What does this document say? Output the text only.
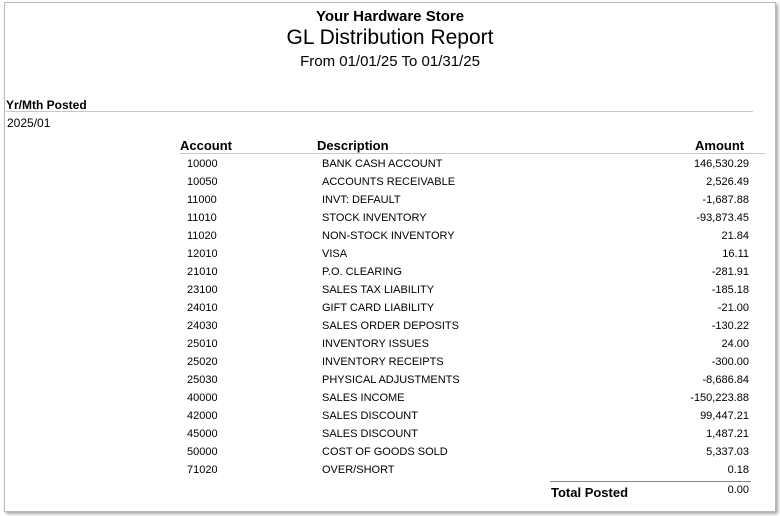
Your Hardware Store
GL Distribution Report
From 01/01/25 To 01/31/25
Yr/Mth Posted
2025/01
Account	Description	Amount
10000	BANK CASH ACCOUNT	146,530.29
10050	ACCOUNTS RECEIVABLE	2,526.49
11000	INVT: DEFAULT	-1,687.88
11010	STOCK INVENTORY	-93,873.45
11020	NON-STOCK INVENTORY	21.84
12010	VISA	16.11
21010	P.O. CLEARING	-281.91
23100	SALES TAX LIABILITY	-185.18
24010	GIFT CARD LIABILITY	-21.00
24030	SALES ORDER DEPOSITS	-130.22
25010	INVENTORY ISSUES	24.00
25020	INVENTORY RECEIPTS	-300.00
25030	PHYSICAL ADJUSTMENTS	-8,686.84
40000	SALES INCOME	-150,223.88
42000	SALES DISCOUNT	99,447.21
45000	SALES DISCOUNT	1,487.21
50000	COST OF GOODS SOLD	5,337.03
71020	OVER/SHORT	0.18
Total Posted	0.00
